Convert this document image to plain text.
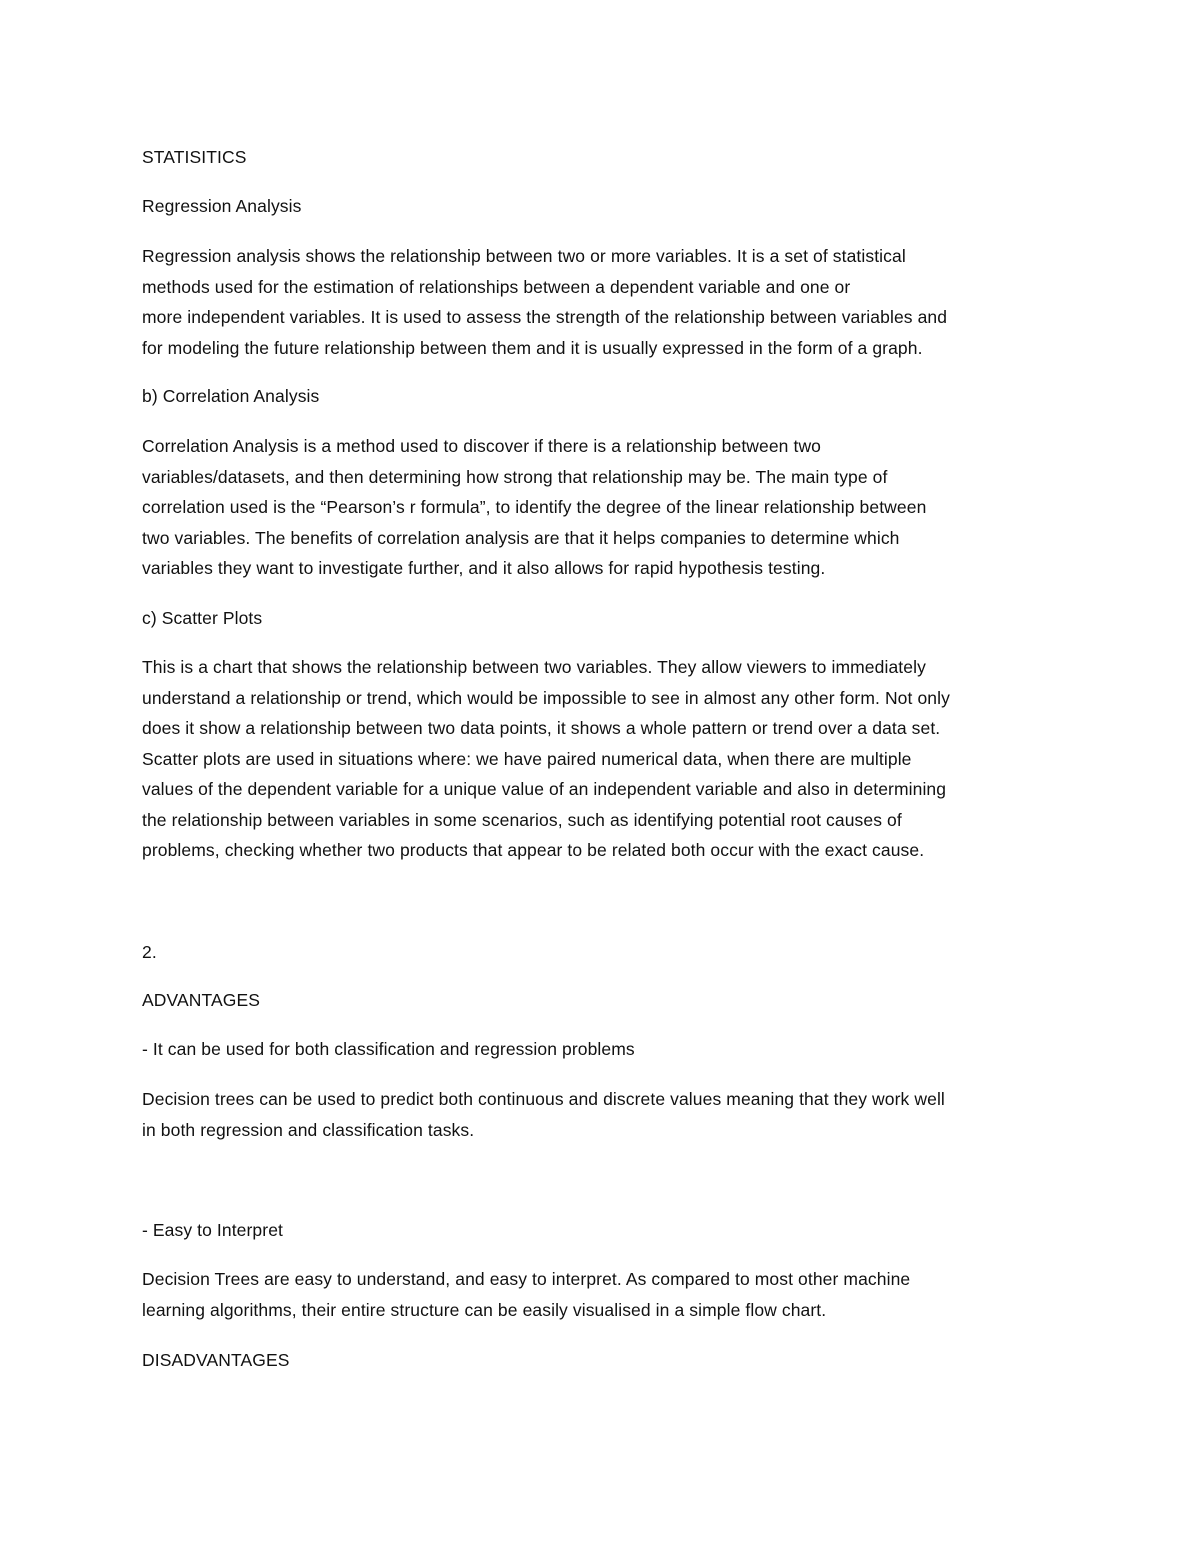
STATISITICS

Regression Analysis

Regression analysis shows the relationship between two or more variables. It is a set of statistical
methods used for the estimation of relationships between a dependent variable and one or
more independent variables. It is used to assess the strength of the relationship between variables and
for modeling the future relationship between them and it is usually expressed in the form of a graph.

b) Correlation Analysis

Correlation Analysis is a method used to discover if there is a relationship between two
variables/datasets, and then determining how strong that relationship may be. The main type of
correlation used is the “Pearson’s r formula”, to identify the degree of the linear relationship between
two variables. The benefits of correlation analysis are that it helps companies to determine which
variables they want to investigate further, and it also allows for rapid hypothesis testing.

c) Scatter Plots

This is a chart that shows the relationship between two variables. They allow viewers to immediately
understand a relationship or trend, which would be impossible to see in almost any other form. Not only
does it show a relationship between two data points, it shows a whole pattern or trend over a data set.
Scatter plots are used in situations where: we have paired numerical data, when there are multiple
values of the dependent variable for a unique value of an independent variable and also in determining
the relationship between variables in some scenarios, such as identifying potential root causes of
problems, checking whether two products that appear to be related both occur with the exact cause.

2.

ADVANTAGES

- It can be used for both classification and regression problems

Decision trees can be used to predict both continuous and discrete values meaning that they work well
in both regression and classification tasks.

- Easy to Interpret

Decision Trees are easy to understand, and easy to interpret. As compared to most other machine
learning algorithms, their entire structure can be easily visualised in a simple flow chart.

DISADVANTAGES
